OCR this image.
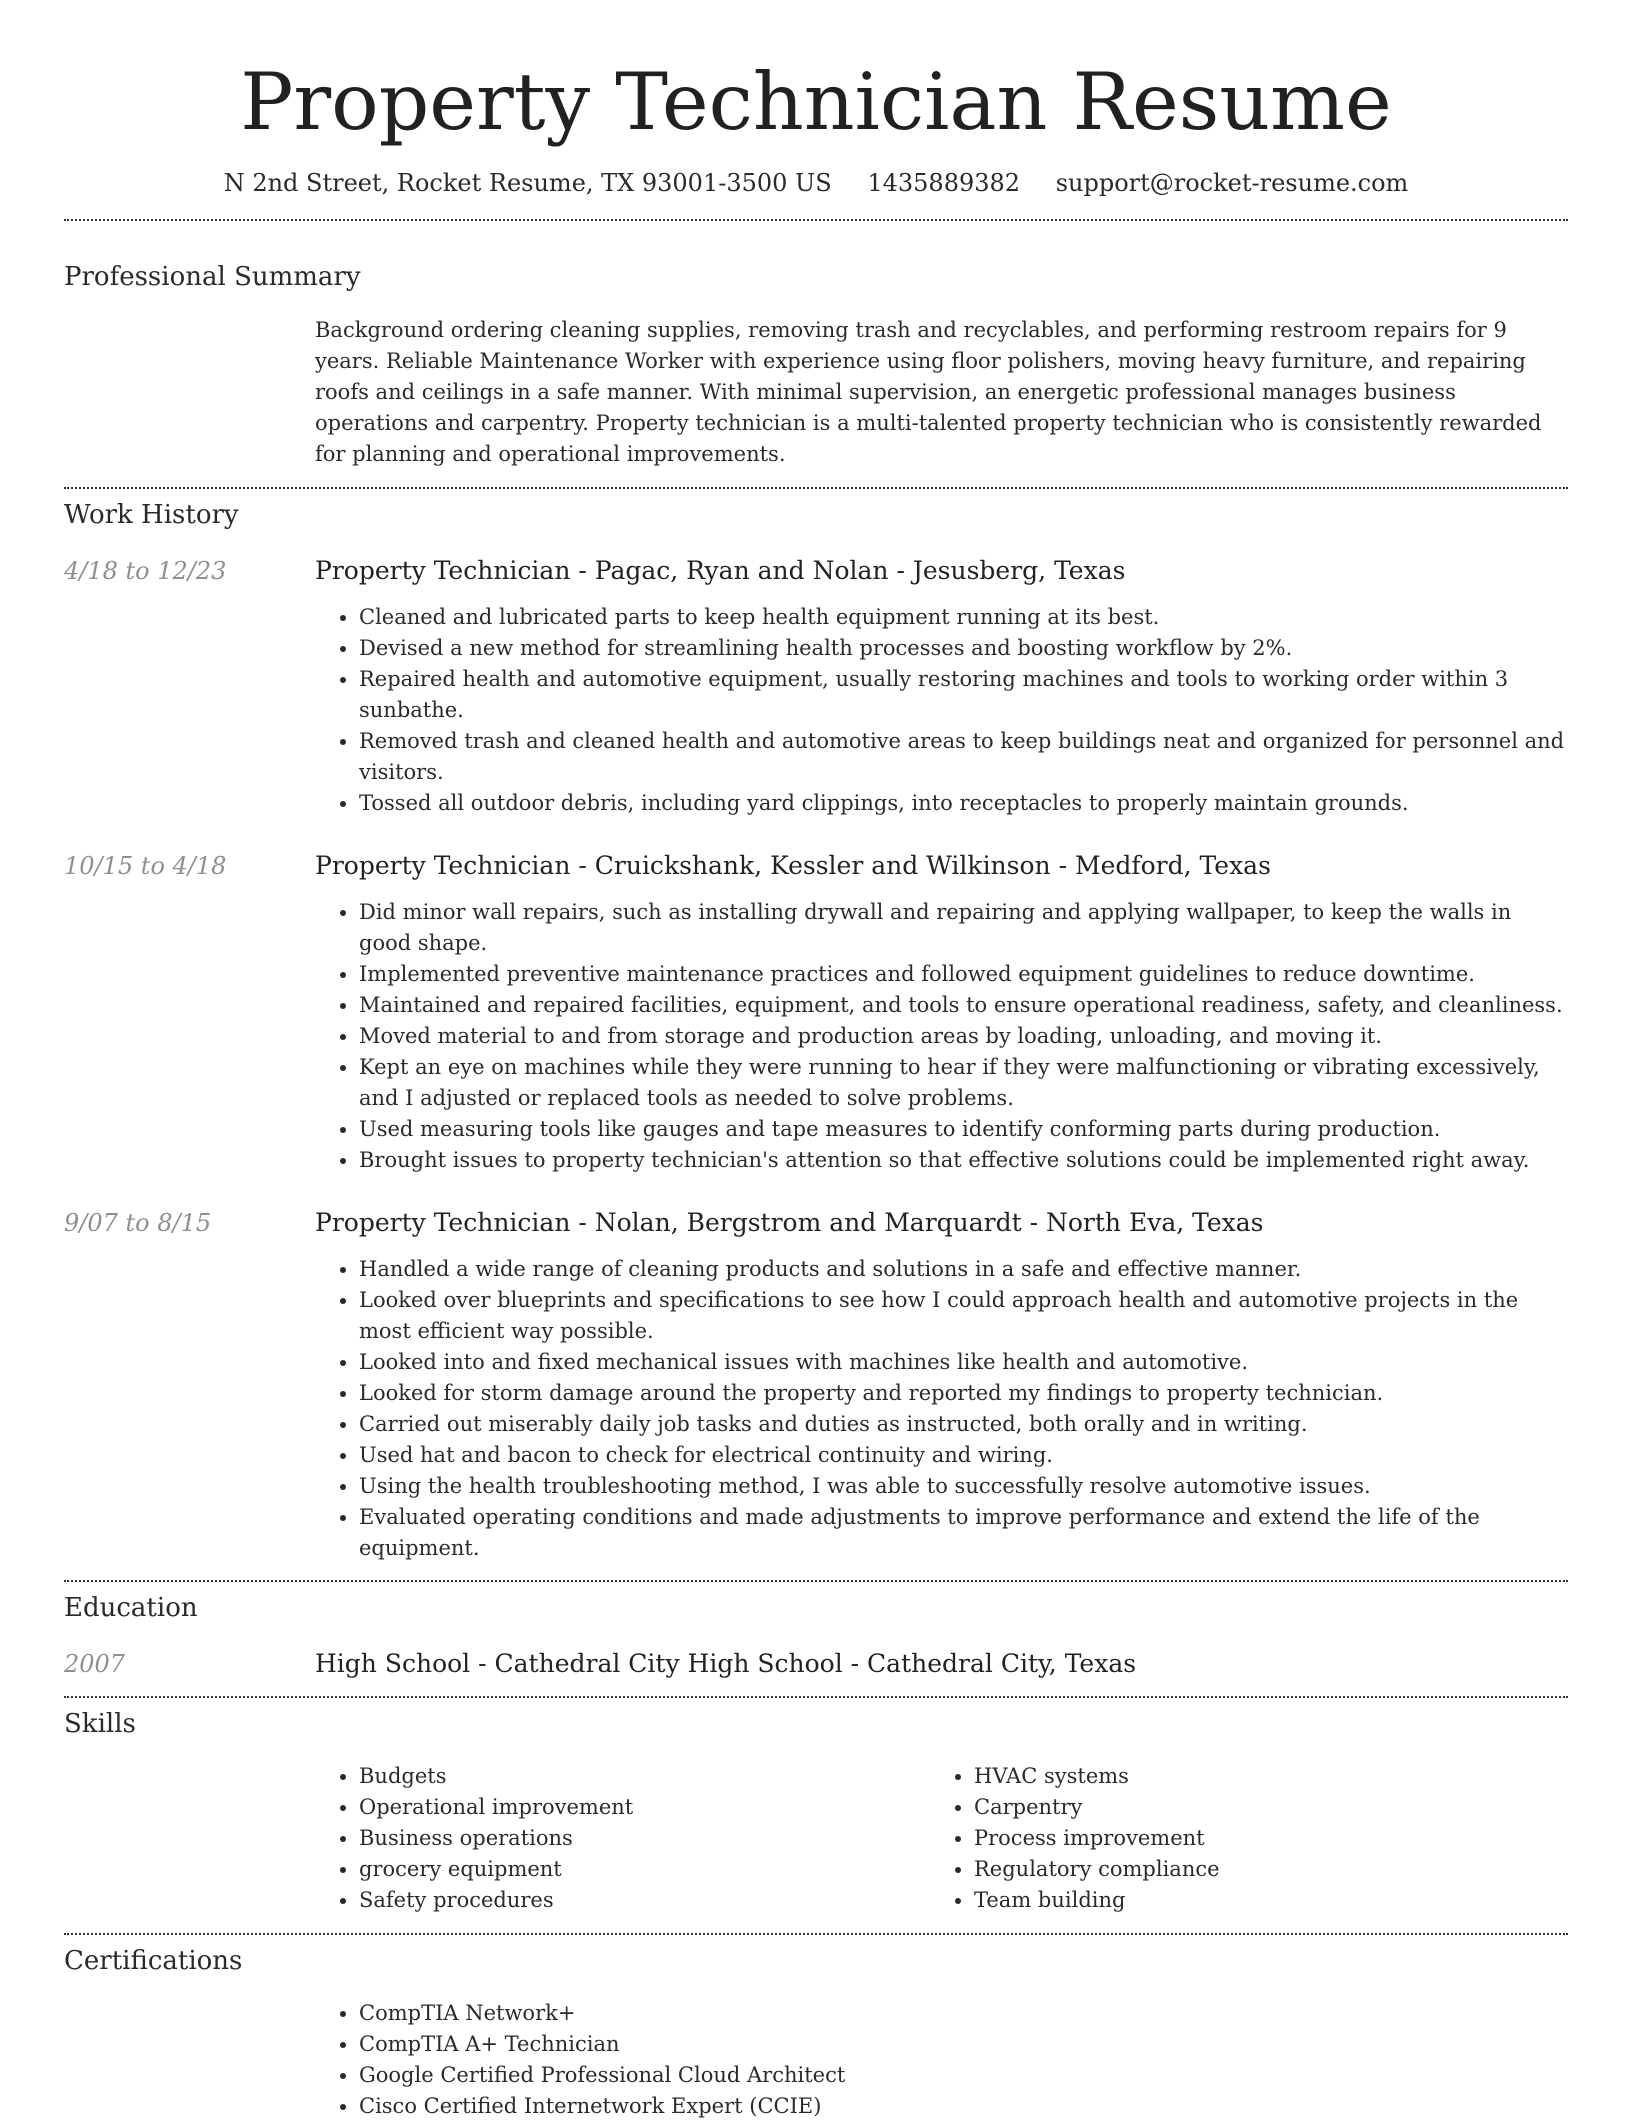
Property Technician Resume
N 2nd Street, Rocket Resume, TX 93001-3500 US 1435889382 support@rocket-resume.com
Professional Summary
Background ordering cleaning supplies, removing trash and recyclables, and performing restroom repairs for 9 years. Reliable Maintenance Worker with experience using floor polishers, moving heavy furniture, and repairing roofs and ceilings in a safe manner. With minimal supervision, an energetic professional manages business operations and carpentry. Property technician is a multi-talented property technician who is consistently rewarded for planning and operational improvements.
Work History
4/18 to 12/23	Property Technician - Pagac, Ryan and Nolan - Jesusberg, Texas
• Cleaned and lubricated parts to keep health equipment running at its best.
• Devised a new method for streamlining health processes and boosting workflow by 2%.
• Repaired health and automotive equipment, usually restoring machines and tools to working order within 3 sunbathe.
• Removed trash and cleaned health and automotive areas to keep buildings neat and organized for personnel and visitors.
• Tossed all outdoor debris, including yard clippings, into receptacles to properly maintain grounds.
10/15 to 4/18	Property Technician - Cruickshank, Kessler and Wilkinson - Medford, Texas
• Did minor wall repairs, such as installing drywall and repairing and applying wallpaper, to keep the walls in good shape.
• Implemented preventive maintenance practices and followed equipment guidelines to reduce downtime.
• Maintained and repaired facilities, equipment, and tools to ensure operational readiness, safety, and cleanliness.
• Moved material to and from storage and production areas by loading, unloading, and moving it.
• Kept an eye on machines while they were running to hear if they were malfunctioning or vibrating excessively, and I adjusted or replaced tools as needed to solve problems.
• Used measuring tools like gauges and tape measures to identify conforming parts during production.
• Brought issues to property technician's attention so that effective solutions could be implemented right away.
9/07 to 8/15	Property Technician - Nolan, Bergstrom and Marquardt - North Eva, Texas
• Handled a wide range of cleaning products and solutions in a safe and effective manner.
• Looked over blueprints and specifications to see how I could approach health and automotive projects in the most efficient way possible.
• Looked into and fixed mechanical issues with machines like health and automotive.
• Looked for storm damage around the property and reported my findings to property technician.
• Carried out miserably daily job tasks and duties as instructed, both orally and in writing.
• Used hat and bacon to check for electrical continuity and wiring.
• Using the health troubleshooting method, I was able to successfully resolve automotive issues.
• Evaluated operating conditions and made adjustments to improve performance and extend the life of the equipment.
Education
2007	High School - Cathedral City High School - Cathedral City, Texas
Skills
• Budgets
• Operational improvement
• Business operations
• grocery equipment
• Safety procedures
• HVAC systems
• Carpentry
• Process improvement
• Regulatory compliance
• Team building
Certifications
• CompTIA Network+
• CompTIA A+ Technician
• Google Certified Professional Cloud Architect
• Cisco Certified Internetwork Expert (CCIE)
